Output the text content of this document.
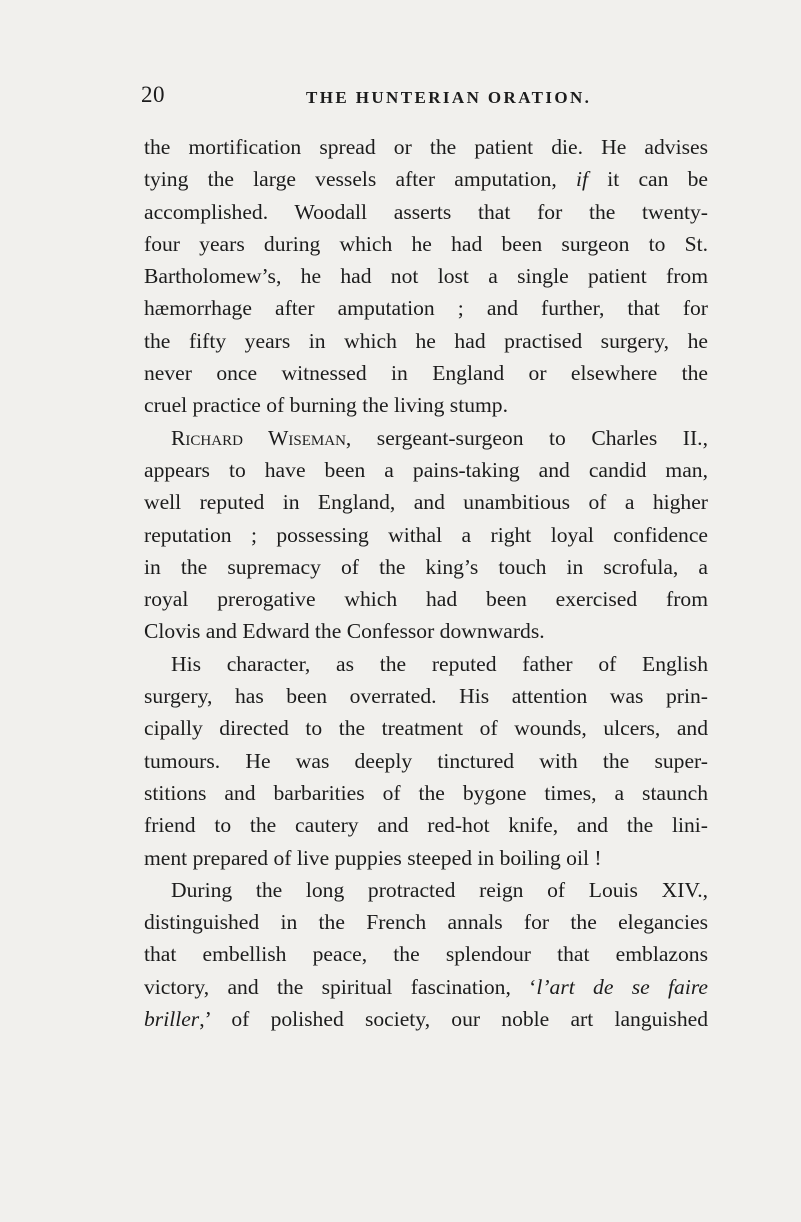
20	THE HUNTERIAN ORATION.

the mortification spread or the patient die. He advises
tying the large vessels after amputation, if it can be
accomplished. Woodall asserts that for the twenty-
four years during which he had been surgeon to St.
Bartholomew’s, he had not lost a single patient from
hæmorrhage after amputation ; and further, that for
the fifty years in which he had practised surgery, he
never once witnessed in England or elsewhere the
cruel practice of burning the living stump.

Richard Wiseman, sergeant-surgeon to Charles II.,
appears to have been a pains-taking and candid man,
well reputed in England, and unambitious of a higher
reputation ; possessing withal a right loyal confidence
in the supremacy of the king’s touch in scrofula, a
royal prerogative which had been exercised from
Clovis and Edward the Confessor downwards.

His character, as the reputed father of English
surgery, has been overrated. His attention was prin-
cipally directed to the treatment of wounds, ulcers, and
tumours. He was deeply tinctured with the super-
stitions and barbarities of the bygone times, a staunch
friend to the cautery and red-hot knife, and the lini-
ment prepared of live puppies steeped in boiling oil !

During the long protracted reign of Louis XIV.,
distinguished in the French annals for the elegancies
that embellish peace, the splendour that emblazons
victory, and the spiritual fascination, ‘l’art de se faire
briller,’ of polished society, our noble art languished
